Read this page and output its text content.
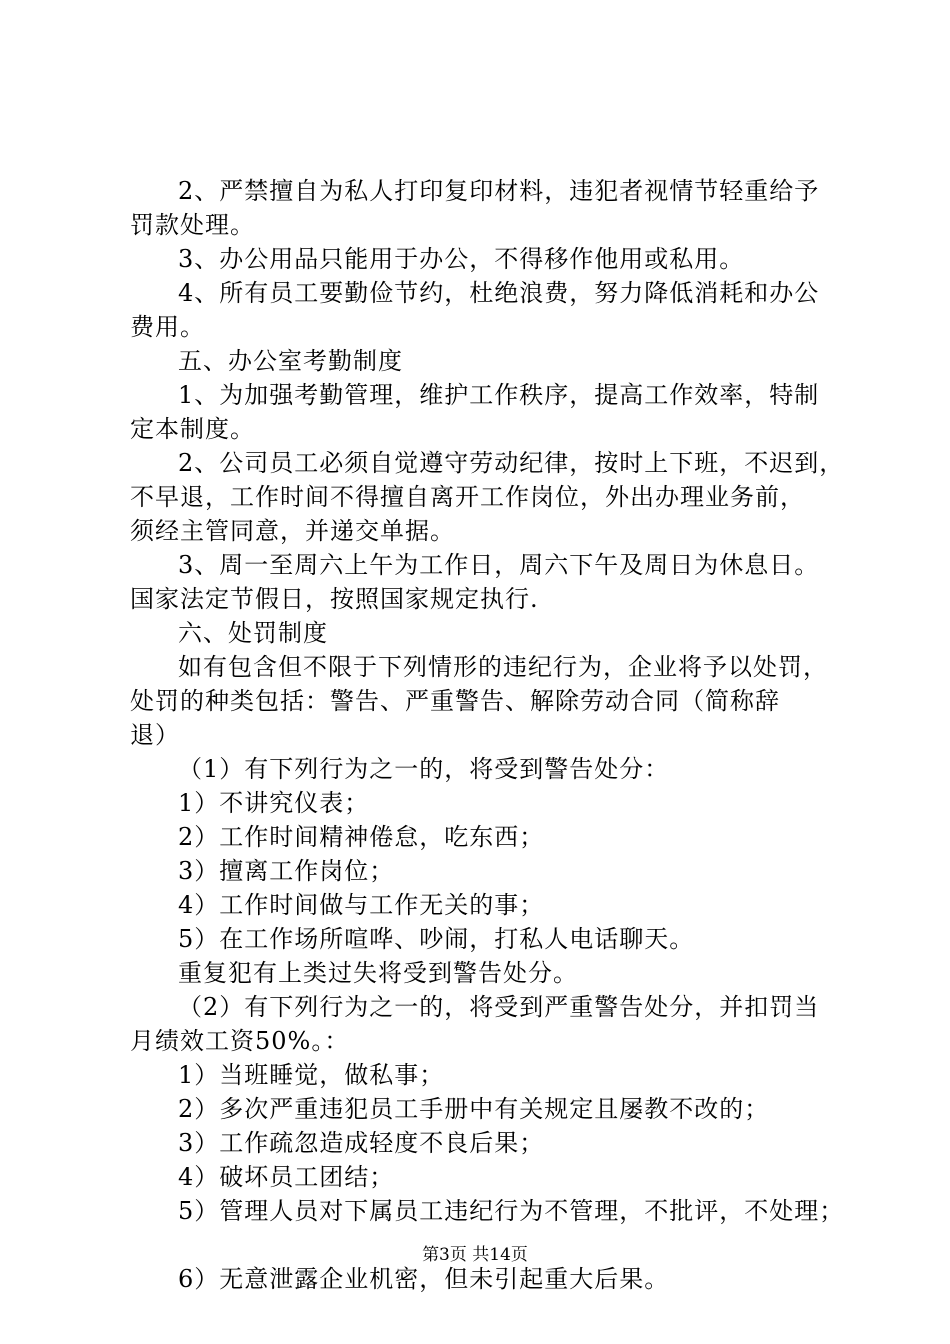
2、严禁擅自为私人打印复印材料，违犯者视情节轻重给予
罚款处理。
3、办公用品只能用于办公，不得移作他用或私用。
4、所有员工要勤俭节约，杜绝浪费，努力降低消耗和办公
费用。
五、办公室考勤制度
1、为加强考勤管理，维护工作秩序，提高工作效率，特制
定本制度。
2、公司员工必须自觉遵守劳动纪律，按时上下班，不迟到，
不早退，工作时间不得擅自离开工作岗位，外出办理业务前，
须经主管同意，并递交单据。
3、周一至周六上午为工作日，周六下午及周日为休息日。
国家法定节假日，按照国家规定执行.
六、处罚制度
如有包含但不限于下列情形的违纪行为，企业将予以处罚，
处罚的种类包括：警告、严重警告、解除劳动合同（简称辞
退）
（1）有下列行为之一的，将受到警告处分：
1）不讲究仪表；
2）工作时间精神倦怠，吃东西；
3）擅离工作岗位；
4）工作时间做与工作无关的事；
5）在工作场所喧哗、吵闹，打私人电话聊天。
重复犯有上类过失将受到警告处分。
（2）有下列行为之一的，将受到严重警告处分，并扣罚当
月绩效工资50%。：
1）当班睡觉，做私事；
2）多次严重违犯员工手册中有关规定且屡教不改的；
3）工作疏忽造成轻度不良后果；
4）破坏员工团结；
5）管理人员对下属员工违纪行为不管理，不批评，不处理；
6）无意泄露企业机密，但未引起重大后果。
第3页 共14页
